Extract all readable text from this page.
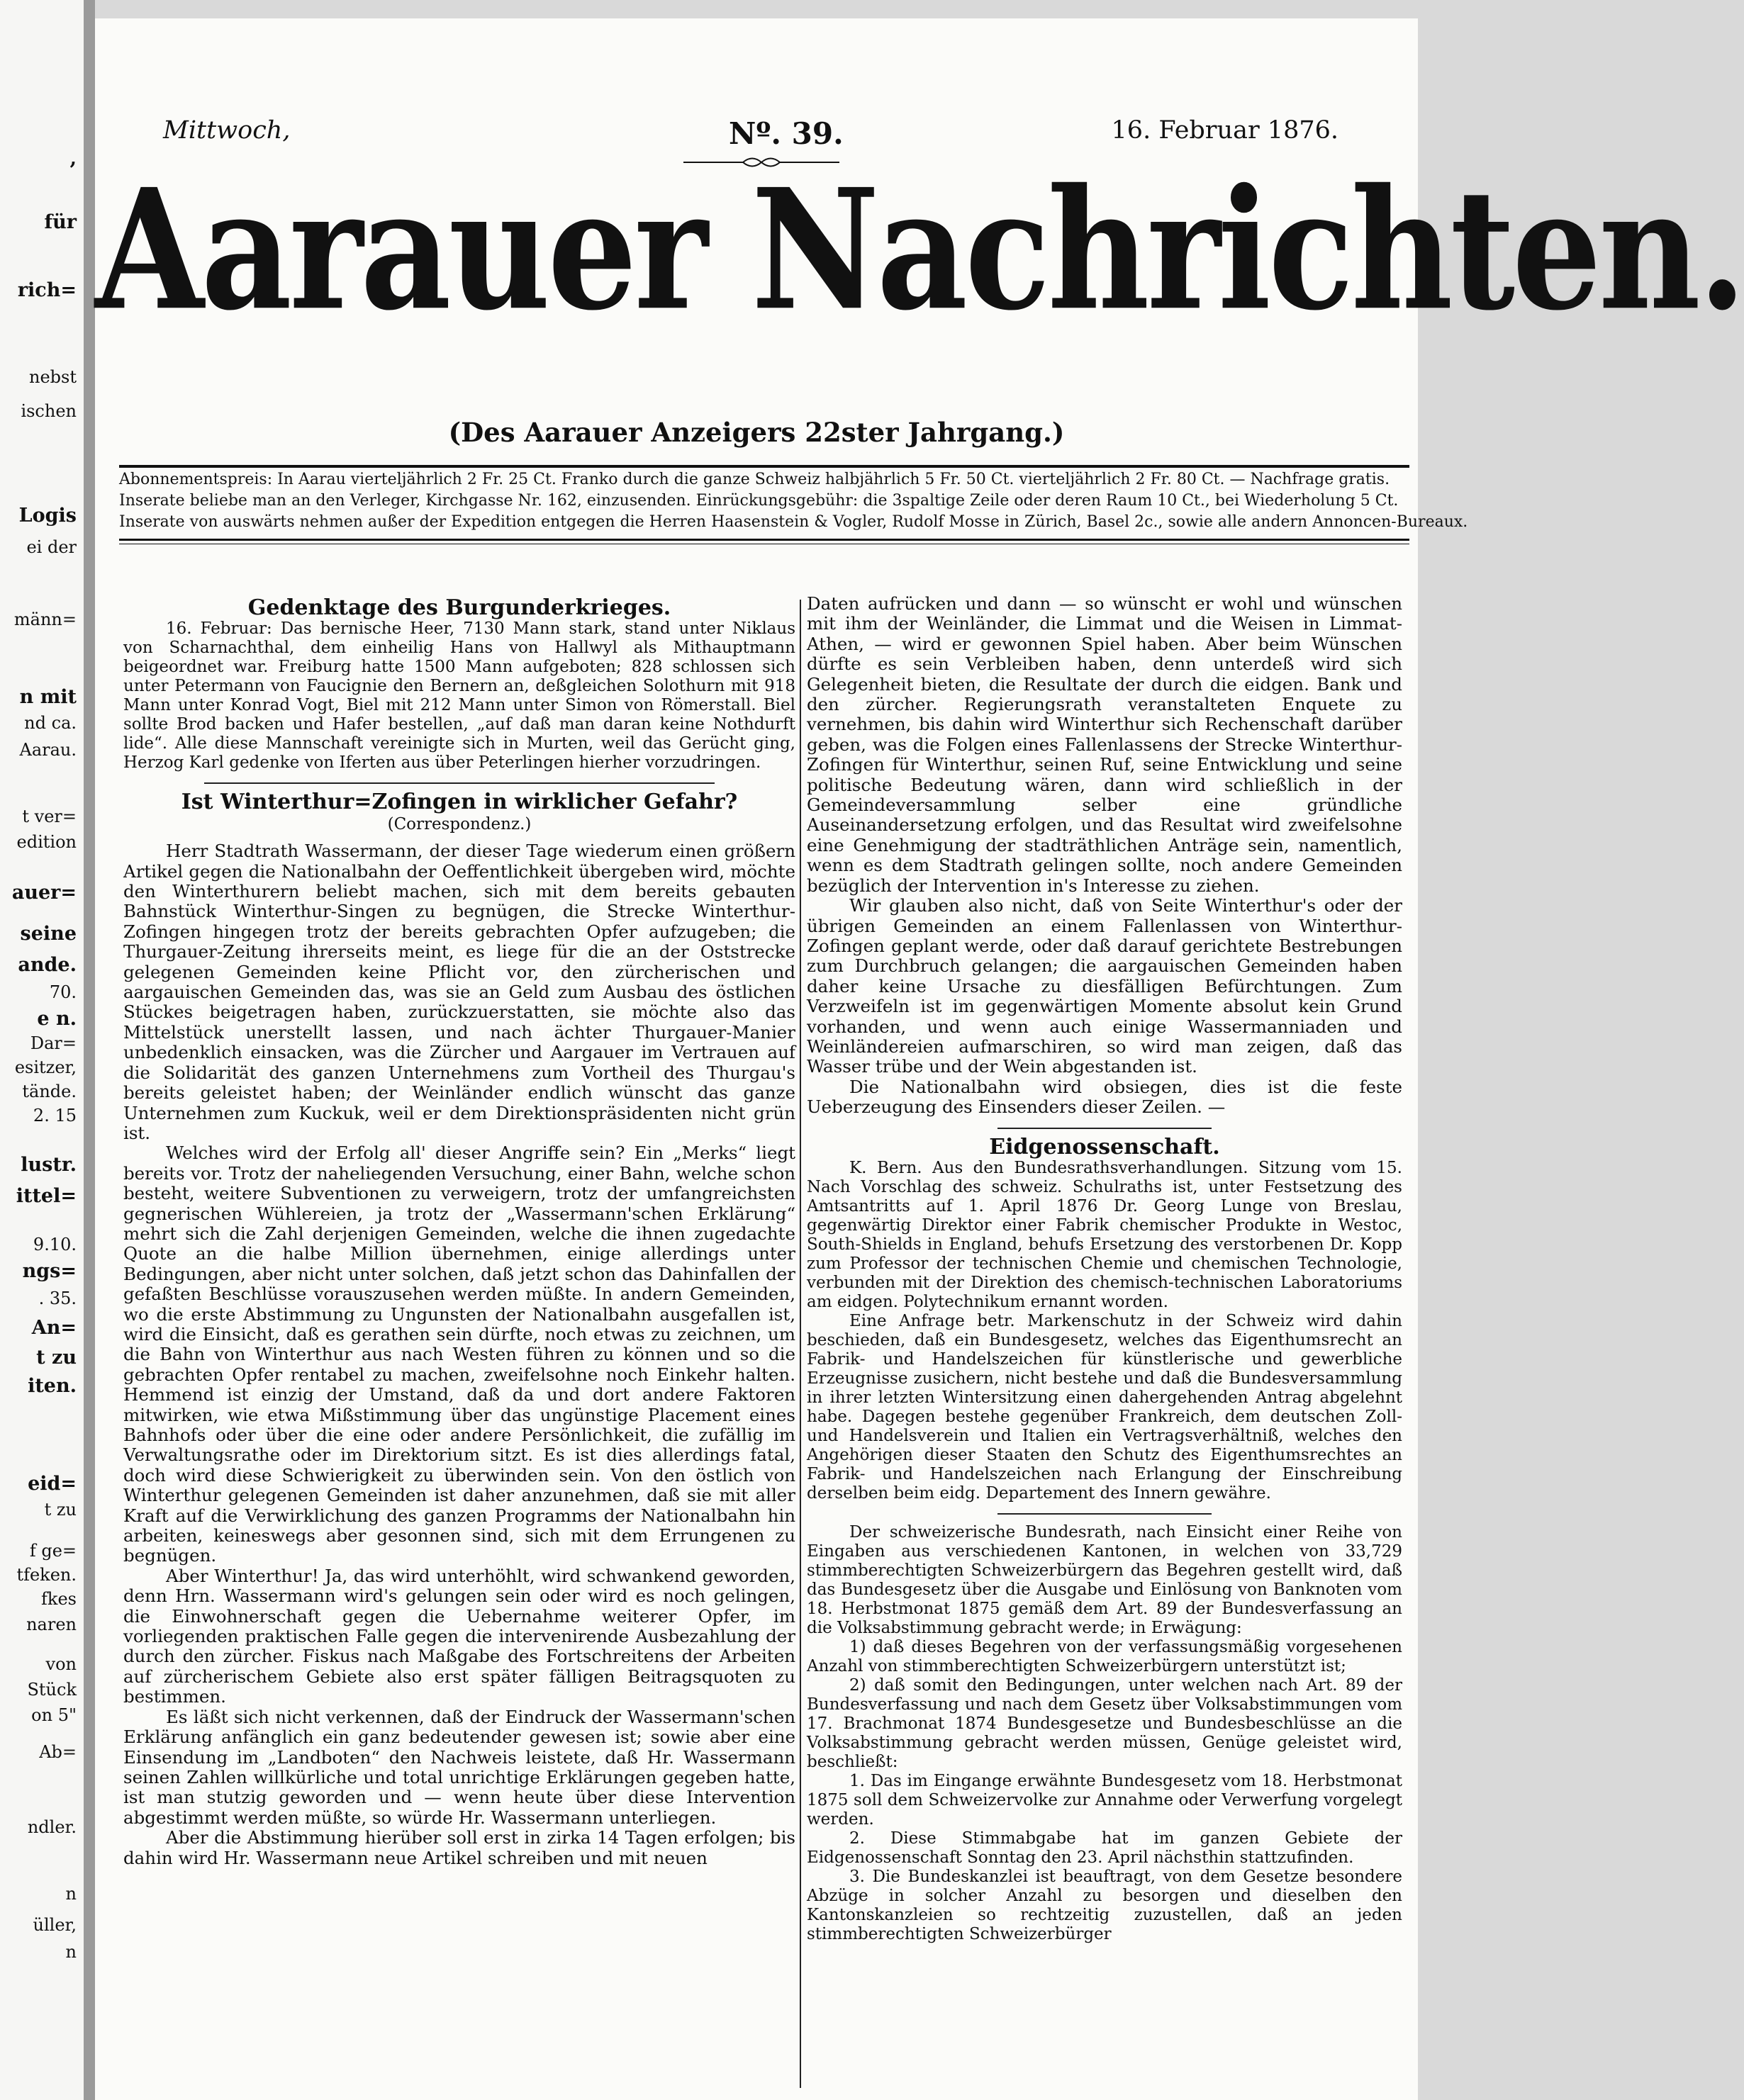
,
für
rich=
nebst
ischen
Logis
ei der
männ=
n mit
nd ca.
Aarau.
t ver=
edition
auer=
seine
ande.
70.
e n.
Dar=
esitzer,
tände.
2. 15
lustr.
ittel=
9.10.
ngs=
. 35.
An=
t zu
iten.
eid=
t zu
f ge=
tfeken.
fkes
naren
von
Stück
on 5"
Ab=
ndler.
n
üller,
n
Mittwoch,	Nº. 39.	16. Februar 1876.
Aarauer Nachrichten.
(Des Aarauer Anzeigers 22ster Jahrgang.)
Abonnementspreis: In Aarau vierteljährlich 2 Fr. 25 Ct. Franko durch die ganze Schweiz halbjährlich 5 Fr. 50 Ct. vierteljährlich 2 Fr. 80 Ct. — Nachfrage gratis.
Inserate beliebe man an den Verleger, Kirchgasse Nr. 162, einzusenden. Einrückungsgebühr: die 3spaltige Zeile oder deren Raum 10 Ct., bei Wiederholung 5 Ct.
Inserate von auswärts nehmen außer der Expedition entgegen die Herren Haasenstein & Vogler, Rudolf Mosse in Zürich, Basel 2c., sowie alle andern Annoncen-Bureaux.
Gedenktage des Burgunderkrieges.

16. Februar: Das bernische Heer, 7130 Mann stark, stand unter Niklaus von Scharnachthal, dem einheilig Hans von Hallwyl als Mithauptmann beigeordnet war. Freiburg hatte 1500 Mann aufgeboten; 828 schlossen sich unter Petermann von Faucignie den Bernern an, deßgleichen Solothurn mit 918 Mann unter Konrad Vogt, Biel mit 212 Mann unter Simon von Römerstall. Biel sollte Brod backen und Hafer bestellen, „auf daß man daran keine Nothdurft lide“. Alle diese Mannschaft vereinigte sich in Murten, weil das Gerücht ging, Herzog Karl gedenke von Iferten aus über Peterlingen hierher vorzudringen.

Ist Winterthur=Zofingen in wirklicher Gefahr?
(Correspondenz.)

Herr Stadtrath Wassermann, der dieser Tage wiederum einen größern Artikel gegen die Nationalbahn der Oeffentlichkeit übergeben wird, möchte den Winterthurern beliebt machen, sich mit dem bereits gebauten Bahnstück Winterthur-Singen zu begnügen, die Strecke Winterthur-Zofingen hingegen trotz der bereits gebrachten Opfer aufzugeben; die Thurgauer-Zeitung ihrerseits meint, es liege für die an der Oststrecke gelegenen Gemeinden keine Pflicht vor, den zürcherischen und aargauischen Gemeinden das, was sie an Geld zum Ausbau des östlichen Stückes beigetragen haben, zurückzuerstatten, sie möchte also das Mittelstück unerstellt lassen, und nach ächter Thurgauer-Manier unbedenklich einsacken, was die Zürcher und Aargauer im Vertrauen auf die Solidarität des ganzen Unternehmens zum Vortheil des Thurgau's bereits geleistet haben; der Weinländer endlich wünscht das ganze Unternehmen zum Kuckuk, weil er dem Direktionspräsidenten nicht grün ist.

Welches wird der Erfolg all' dieser Angriffe sein? Ein „Merks“ liegt bereits vor. Trotz der naheliegenden Versuchung, einer Bahn, welche schon besteht, weitere Subventionen zu verweigern, trotz der umfangreichsten gegnerischen Wühlereien, ja trotz der „Wassermann'schen Erklärung“ mehrt sich die Zahl derjenigen Gemeinden, welche die ihnen zugedachte Quote an die halbe Million übernehmen, einige allerdings unter Bedingungen, aber nicht unter solchen, daß jetzt schon das Dahinfallen der gefaßten Beschlüsse vorauszusehen werden müßte. In andern Gemeinden, wo die erste Abstimmung zu Ungunsten der Nationalbahn ausgefallen ist, wird die Einsicht, daß es gerathen sein dürfte, noch etwas zu zeichnen, um die Bahn von Winterthur aus nach Westen führen zu können und so die gebrachten Opfer rentabel zu machen, zweifelsohne noch Einkehr halten. Hemmend ist einzig der Umstand, daß da und dort andere Faktoren mitwirken, wie etwa Mißstimmung über das ungünstige Placement eines Bahnhofs oder über die eine oder andere Persönlichkeit, die zufällig im Verwaltungsrathe oder im Direktorium sitzt. Es ist dies allerdings fatal, doch wird diese Schwierigkeit zu überwinden sein. Von den östlich von Winterthur gelegenen Gemeinden ist daher anzunehmen, daß sie mit aller Kraft auf die Verwirklichung des ganzen Programms der Nationalbahn hin arbeiten, keineswegs aber gesonnen sind, sich mit dem Errungenen zu begnügen.

Aber Winterthur! Ja, das wird unterhöhlt, wird schwankend geworden, denn Hrn. Wassermann wird's gelungen sein oder wird es noch gelingen, die Einwohnerschaft gegen die Uebernahme weiterer Opfer, im vorliegenden praktischen Falle gegen die intervenirende Ausbezahlung der durch den zürcher. Fiskus nach Maßgabe des Fortschreitens der Arbeiten auf zürcherischem Gebiete also erst später fälligen Beitragsquoten zu bestimmen.

Es läßt sich nicht verkennen, daß der Eindruck der Wassermann'schen Erklärung anfänglich ein ganz bedeutender gewesen ist; sowie aber eine Einsendung im „Landboten“ den Nachweis leistete, daß Hr. Wassermann seinen Zahlen willkürliche und total unrichtige Erklärungen gegeben hatte, ist man stutzig geworden und — wenn heute über diese Intervention abgestimmt werden müßte, so würde Hr. Wassermann unterliegen.

Aber die Abstimmung hierüber soll erst in zirka 14 Tagen erfolgen; bis dahin wird Hr. Wassermann neue Artikel schreiben und mit neuen

Daten aufrücken und dann — so wünscht er wohl und wünschen mit ihm der Weinländer, die Limmat und die Weisen in Limmat-Athen, — wird er gewonnen Spiel haben. Aber beim Wünschen dürfte es sein Verbleiben haben, denn unterdeß wird sich Gelegenheit bieten, die Resultate der durch die eidgen. Bank und den zürcher. Regierungsrath veranstalteten Enquete zu vernehmen, bis dahin wird Winterthur sich Rechenschaft darüber geben, was die Folgen eines Fallenlassens der Strecke Winterthur-Zofingen für Winterthur, seinen Ruf, seine Entwicklung und seine politische Bedeutung wären, dann wird schließlich in der Gemeindeversammlung selber eine gründliche Auseinandersetzung erfolgen, und das Resultat wird zweifelsohne eine Genehmigung der stadträthlichen Anträge sein, namentlich, wenn es dem Stadtrath gelingen sollte, noch andere Gemeinden bezüglich der Intervention in's Interesse zu ziehen.

Wir glauben also nicht, daß von Seite Winterthur's oder der übrigen Gemeinden an einem Fallenlassen von Winterthur-Zofingen geplant werde, oder daß darauf gerichtete Bestrebungen zum Durchbruch gelangen; die aargauischen Gemeinden haben daher keine Ursache zu diesfälligen Befürchtungen. Zum Verzweifeln ist im gegenwärtigen Momente absolut kein Grund vorhanden, und wenn auch einige Wassermanniaden und Weinländereien aufmarschiren, so wird man zeigen, daß das Wasser trübe und der Wein abgestanden ist.

Die Nationalbahn wird obsiegen, dies ist die feste Ueberzeugung des Einsenders dieser Zeilen. —

Eidgenossenschaft.

K. Bern. Aus den Bundesrathsverhandlungen. Sitzung vom 15. Nach Vorschlag des schweiz. Schulraths ist, unter Festsetzung des Amtsantritts auf 1. April 1876 Dr. Georg Lunge von Breslau, gegenwärtig Direktor einer Fabrik chemischer Produkte in Westoc, South-Shields in England, behufs Ersetzung des verstorbenen Dr. Kopp zum Professor der technischen Chemie und chemischen Technologie, verbunden mit der Direktion des chemisch-technischen Laboratoriums am eidgen. Polytechnikum ernannt worden.

Eine Anfrage betr. Markenschutz in der Schweiz wird dahin beschieden, daß ein Bundesgesetz, welches das Eigenthumsrecht an Fabrik- und Handelszeichen für künstlerische und gewerbliche Erzeugnisse zusichern, nicht bestehe und daß die Bundesversammlung in ihrer letzten Wintersitzung einen dahergehenden Antrag abgelehnt habe. Dagegen bestehe gegenüber Frankreich, dem deutschen Zoll- und Handelsverein und Italien ein Vertragsverhältniß, welches den Angehörigen dieser Staaten den Schutz des Eigenthumsrechtes an Fabrik- und Handelszeichen nach Erlangung der Einschreibung derselben beim eidg. Departement des Innern gewähre.

Der schweizerische Bundesrath, nach Einsicht einer Reihe von Eingaben aus verschiedenen Kantonen, in welchen von 33,729 stimmberechtigten Schweizerbürgern das Begehren gestellt wird, daß das Bundesgesetz über die Ausgabe und Einlösung von Banknoten vom 18. Herbstmonat 1875 gemäß dem Art. 89 der Bundesverfassung an die Volksabstimmung gebracht werde; in Erwägung:

1) daß dieses Begehren von der verfassungsmäßig vorgesehenen Anzahl von stimmberechtigten Schweizerbürgern unterstützt ist;

2) daß somit den Bedingungen, unter welchen nach Art. 89 der Bundesverfassung und nach dem Gesetz über Volksabstimmungen vom 17. Brachmonat 1874 Bundesgesetze und Bundesbeschlüsse an die Volksabstimmung gebracht werden müssen, Genüge geleistet wird, beschließt:

1. Das im Eingange erwähnte Bundesgesetz vom 18. Herbstmonat 1875 soll dem Schweizervolke zur Annahme oder Verwerfung vorgelegt werden.

2. Diese Stimmabgabe hat im ganzen Gebiete der Eidgenossenschaft Sonntag den 23. April nächsthin stattzufinden.

3. Die Bundeskanzlei ist beauftragt, von dem Gesetze besondere Abzüge in solcher Anzahl zu besorgen und dieselben den Kantonskanzleien so rechtzeitig zuzustellen, daß an jeden stimmberechtigten Schweizerbürger
